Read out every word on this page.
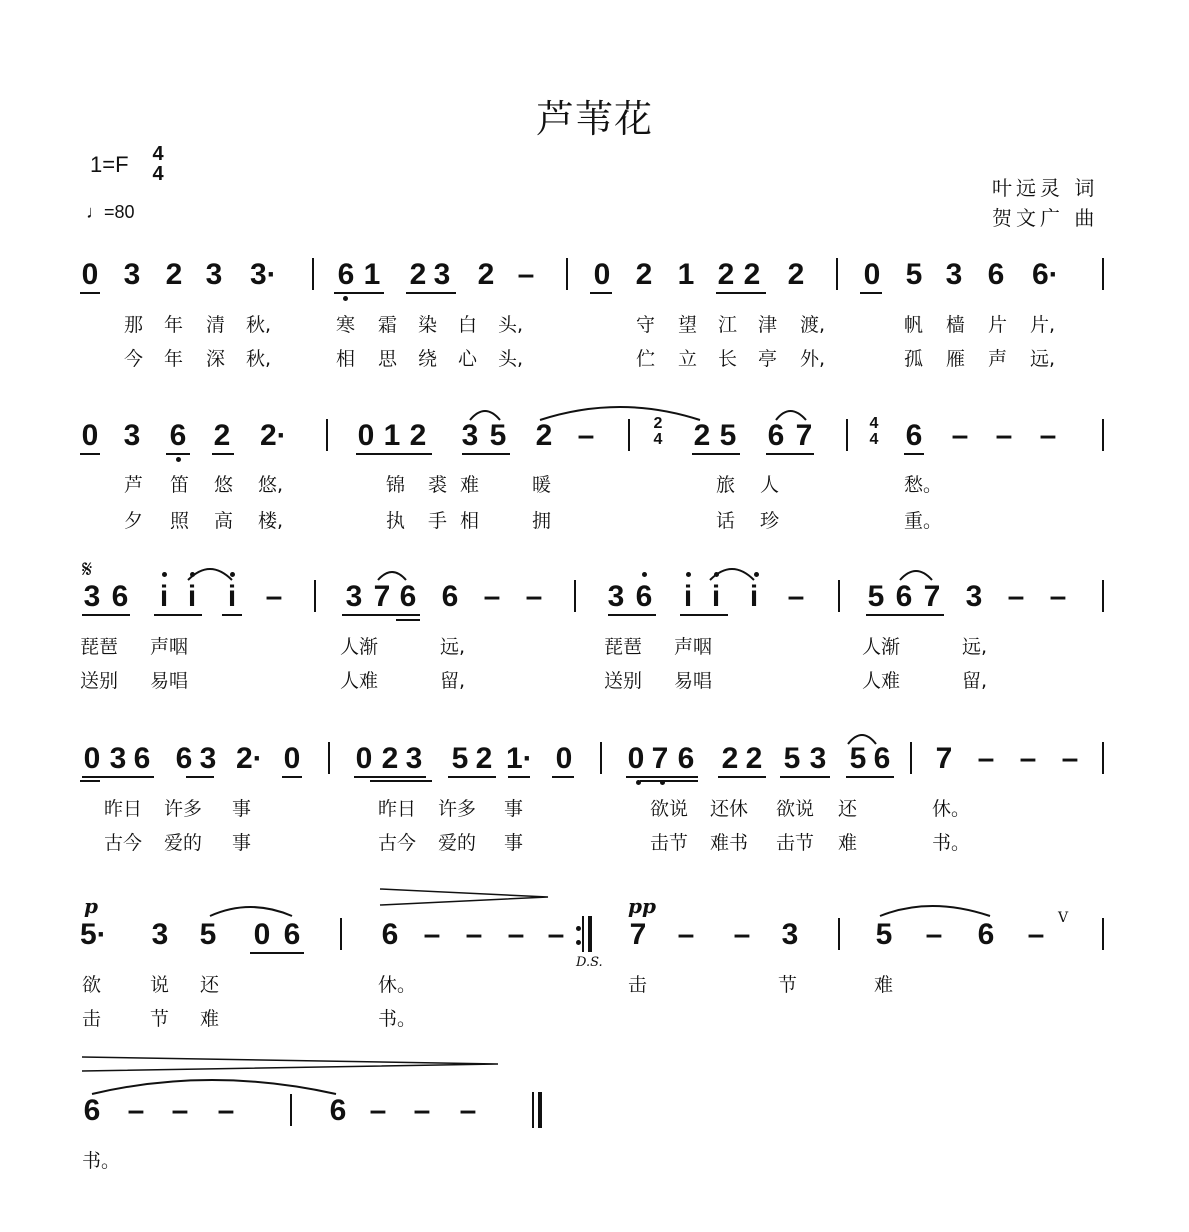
芦苇花
1=F 4
4
♩=80
叶远灵 词
贺文广 曲
0 3 2 3 3· 6 1 2 3 2 – 0 2 1 2 2 2 0 5 3 6 6·
0 3 6 2 2· 0 1 2 3 5 2 –	2 5 6 7	6 – – –
3 6 i i i – 3 7 6 6 – – 3 6 i i i – 5 6 7 3 – –
0 3 6 6 3 2· 0 0 2 3 5 2 1· 0 0 7 6 2 2 5 3 5 6 7 – – –
5· 3 5 0 6	6 – – – – 7 – – 3	5 – 6 –
6 – – –	6 – – –
那
今
年
年
清
深
秋,
秋,
寒
相
霜
思
染
绕
白
心
头,
头,
守
伫
望
立
江
长
津
亭
渡,
外,
帆
孤
樯
雁
片
声
片,
远,
芦
夕
笛
照
悠
高
悠,
楼,
锦
执
裘
手
难
相
暖
拥
旅
话
人
珍
愁。
重。
琵琶
送别
声咽
易唱
人渐
人难
远,
留,
琵琶
送别
声咽
易唱
人渐
人难
远,
留,
昨日
古今
许多
爱的
事
事
昨日
古今
许多
爱的
事
事
欲说
击节
还休
难书
欲说
击节
还
难
休。
书。
欲
击
说
节
还
难
休。
书。
击	节	难
书。
𝄋
2
4
4
4
p	pp
D.S.
V
